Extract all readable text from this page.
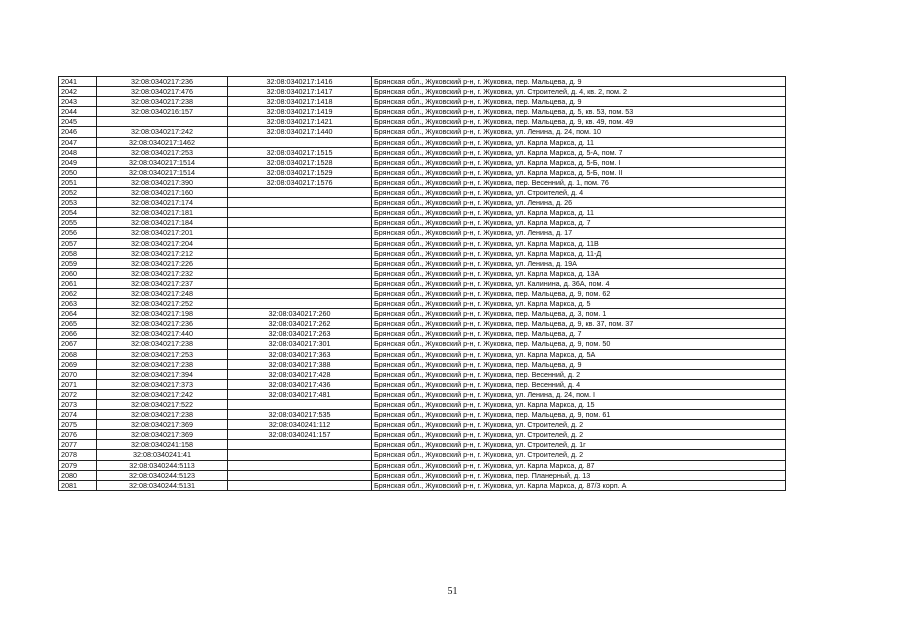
2041	32:08:0340217:236	32:08:0340217:1416	Брянская обл., Жуковский р-н, г. Жуковка, пер. Мальцева, д. 9
2042	32:08:0340217:476	32:08:0340217:1417	Брянская обл., Жуковский р-н, г. Жуковка, ул. Строителей, д. 4, кв. 2, пом. 2
2043	32:08:0340217:238	32:08:0340217:1418	Брянская обл., Жуковский р-н, г. Жуковка, пер. Мальцева, д. 9
2044	32:08:0340216:157	32:08:0340217:1419	Брянская обл., Жуковский р-н, г. Жуковка, пер. Мальцева, д. 5, кв. 53, пом. 53
2045		32:08:0340217:1421	Брянская обл., Жуковский р-н, г. Жуковка, пер. Мальцева, д. 9, кв. 49, пом. 49
2046	32:08:0340217:242	32:08:0340217:1440	Брянская обл., Жуковский р-н, г. Жуковка, ул. Ленина, д. 24, пом. 10
2047	32:08:0340217:1462		Брянская обл., Жуковский р-н, г. Жуковка, ул. Карла Маркса, д. 11
2048	32:08:0340217:253	32:08:0340217:1515	Брянская обл., Жуковский р-н, г. Жуковка, ул. Карла Маркса, д. 5-А, пом. 7
2049	32:08:0340217:1514	32:08:0340217:1528	Брянская обл., Жуковский р-н, г. Жуковка, ул. Карла Маркса, д. 5-Б, пом. I
2050	32:08:0340217:1514	32:08:0340217:1529	Брянская обл., Жуковский р-н, г. Жуковка, ул. Карла Маркса, д. 5-Б, пом. II
2051	32:08:0340217:390	32:08:0340217:1576	Брянская обл., Жуковский р-н, г. Жуковка, пер. Весенний, д. 1, пом. 76
2052	32:08:0340217:160		Брянская обл., Жуковский р-н, г. Жуковка, ул. Строителей, д. 4
2053	32:08:0340217:174		Брянская обл., Жуковский р-н, г. Жуковка, ул. Ленина, д. 26
2054	32:08:0340217:181		Брянская обл., Жуковский р-н, г. Жуковка, ул. Карла Маркса, д. 11
2055	32:08:0340217:184		Брянская обл., Жуковский р-н, г. Жуковка, ул. Карла Маркса, д. 7
2056	32:08:0340217:201		Брянская обл., Жуковский р-н, г. Жуковка, ул. Ленина, д. 17
2057	32:08:0340217:204		Брянская обл., Жуковский р-н, г. Жуковка, ул. Карла Маркса, д. 11В
2058	32:08:0340217:212		Брянская обл., Жуковский р-н, г. Жуковка, ул. Карла Маркса, д. 11-Д
2059	32:08:0340217:226		Брянская обл., Жуковский р-н, г. Жуковка, ул. Ленина, д. 19А
2060	32:08:0340217:232		Брянская обл., Жуковский р-н, г. Жуковка, ул. Карла Маркса, д. 13А
2061	32:08:0340217:237		Брянская обл., Жуковский р-н, г. Жуковка, ул. Калинина, д. 36А, пом. 4
2062	32:08:0340217:248		Брянская обл., Жуковский р-н, г. Жуковка, пер. Мальцева, д. 9, пом. 62
2063	32:08:0340217:252		Брянская обл., Жуковский р-н, г. Жуковка, ул. Карла Маркса, д. 5
2064	32:08:0340217:198	32:08:0340217:260	Брянская обл., Жуковский р-н, г. Жуковка, пер. Мальцева, д. 3, пом. 1
2065	32:08:0340217:236	32:08:0340217:262	Брянская обл., Жуковский р-н, г. Жуковка, пер. Мальцева, д. 9, кв. 37, пом. 37
2066	32:08:0340217:440	32:08:0340217:263	Брянская обл., Жуковский р-н, г. Жуковка, пер. Мальцева, д. 7
2067	32:08:0340217:238	32:08:0340217:301	Брянская обл., Жуковский р-н, г. Жуковка, пер. Мальцева, д. 9, пом. 50
2068	32:08:0340217:253	32:08:0340217:363	Брянская обл., Жуковский р-н, г. Жуковка, ул. Карла Маркса, д. 5А
2069	32:08:0340217:238	32:08:0340217:388	Брянская обл., Жуковский р-н, г. Жуковка, пер. Мальцева, д. 9
2070	32:08:0340217:394	32:08:0340217:428	Брянская обл., Жуковский р-н, г. Жуковка, пер. Весенний, д. 2
2071	32:08:0340217:373	32:08:0340217:436	Брянская обл., Жуковский р-н, г. Жуковка, пер. Весенний, д. 4
2072	32:08:0340217:242	32:08:0340217:481	Брянская обл., Жуковский р-н, г. Жуковка, ул. Ленина, д. 24, пом. I
2073	32:08:0340217:522		Брянская обл., Жуковский р-н, г. Жуковка, ул. Карла Маркса, д. 15
2074	32:08:0340217:238	32:08:0340217:535	Брянская обл., Жуковский р-н, г. Жуковка, пер. Мальцева, д. 9, пом. 61
2075	32:08:0340217:369	32:08:0340241:112	Брянская обл., Жуковский р-н, г. Жуковка, ул. Строителей, д. 2
2076	32:08:0340217:369	32:08:0340241:157	Брянская обл., Жуковский р-н, г. Жуковка, ул. Строителей, д. 2
2077	32:08:0340241:158		Брянская обл., Жуковский р-н, г. Жуковка, ул. Строителей, д. 1г
2078	32:08:0340241:41		Брянская обл., Жуковский р-н, г. Жуковка, ул. Строителей, д. 2
2079	32:08:0340244:5113		Брянская обл., Жуковский р-н, г. Жуковка, ул. Карла Маркса, д. 87
2080	32:08:0340244:5123		Брянская обл., Жуковский р-н, г. Жуковка, пер. Планерный, д. 13
2081	32:08:0340244:5131		Брянская обл., Жуковский р-н, г. Жуковка, ул. Карла Маркса, д. 87/3 корп. А
51
